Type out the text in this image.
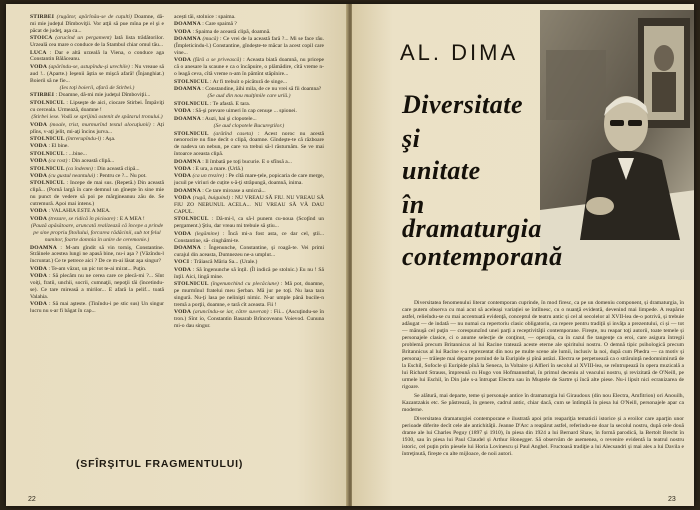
STIRBEI (rugător, apărînău-se de cuțulti) Doamne, dă-mi mie judeţul Dîmboviţii. Vor atţii să pue mîna pe el şi e păcat de judeţ, aşa ca...

STOICA (arucînd un pergament) Iată lista trădătorilor. Urzeală cea mare o conduce de la Stambul chiar omul tău...

LUCA : Dar e altă urzeală la Viena, o conduce aga Constantin Bălăceanu.

VODA (apărîndu-se, astupîndu-şi urechile) : Nu vreaue să aud !.. (Aparte.) Ieşenii ăştia se mişcă afară! (Înjanghiat.) Boierii să ne fie...

(Ies toţi boierii, afară de Stirbei.)

STIRBEI : Doamne, dă-mi mie judeţul Dîmboviţii...

STOLNICUL : Lipseşte de aici, ciocare Stirbei. Împăviţi cu cerceala. Urmează, doamne !

(Stirbei iese. Vodă se sprijină ostenit de spătarul tronului.)

VODA (moale, trist, murmurînd textul alocuţiunii) : Ați plîns, v-aţi jelit, mi-aţi încins jurva...

STOLNICUL (întrerupîndu-l) : Aşa.

VODA : El bine.

STOLNICUL : ...bine...

VODA (ca rost) : Din această clipă...

STOLNICUL (ca îndemn) : Din această clipă...

VODA (cu gustul neantului) : Pentru ce ?... Nu pot.

STOLNICUL : Incepe de mai sus. (Repetă.) Din această clipă... (Pornă largă în care demnul un gînește în sine mie nu punct de vedere să poi pe mărgineanuu zău de. Se cutremură. Apoi mai intens.)

VODA : VALAHIA ESTE A MEA.

VODA (trezare, se ridică în picioare) : E A MEA !

(Pauză apăsătoare, aruncată realizează că începe a prinde pe sine propriu fitoilului, forcarea rădăcinii, sub tot felul numitor, foarte domnia în unire de ceremonie.)

DOAMNA : M-am gîndit să vin torniș, Constantine. Strâinele acestea lungi ne apasă bine, nu-i aşa ? (Văzîndu-l încruntat.) Ce te petrece aici ? De ce m-ai lăsat aşa singur?

VODA : Te-am văzut, un pic tot te-ai mirat... Puţin.

VODA : Să plecăm nu ne cerea care ce plecă-mi ?... Sînt voiţi, fratii, unchii, socrii, cumnaţii, nepoţii tăi (încetindu-se). Ce tare mireasă a mirilor... E afară la pelif... toată Valahia.

VODA : Să mai aşteste. (Tinîndu-i pe stic sus) Un singur lucru nu s-ar fi băgat în cap...

acești tăi, stolnice : spaima.

DOAMNA : Care spaimă ?

VODA : Spaima de această clipă, doamnă.

DOAMNA (mucă) : Ce vrei de la această fară ?... Mi se face rău. (Împleticindu-l.) Constantine, gîndește-te măcar la acest copil care vine...

VODA (fără a se privească) : Aceasta biată doamnă, nu pricepe că o anesare la scaune e ca o încăpuire, o plămădire, cîtă vreme n-o leagă ceva, cîtă vreme n-am în pămînt stăpînire...

STOLNICUL : Ar fi trebuit o picătură de singe...

DOAMNA : Constandine, ăihi mila, de ce nu vrei să fii doamna?

(Se aud din nou mulţimile care urlă.)

STOLNICUL : Te afastă. E tara.

VODA : Să-şi prevare uimeri în cap cenuşe ... spionei.

DOAMNA : Auzi, hai şi clopotele...

(Se aud clopotele Bucureştilor.)

STOLNICUL (arătînd caseta) : Acest noroc nu acestă nenorocire nu fine decît o clipă, doamne. Gîndeşte-te că războare de nadeva un nebun, pe care va trebui să-l răsturnăm. Se ve mai întoarce aceasta clipă.

DOAMNA : Il îmbată pe toţi bucurie. E o sfînsă a...

VODA : E ura, a mare. (Urlă.)

VODA (ca un trezire) : Pe cîtă mare-țele, popicaria de care merge, jucuil pe viriuri de cuțite s-ă-ţi străpungă, doamnă, inima.

DOAMNA : Ce tare miroase a smicnă...

VODA (rugă, buiguind) : NU VREAU SĂ FIU. NU VREAU SĂ FIU ZO NEBUNUL ACELA... NU VREAU SĂ VĂ DAU CAPUL.

STOLNICUL : Dă-mi-l, ca să-l punem cu-noua (Scoţînd un pergament.) Ştiu, dar vreau mi trebuie să ştiu...

VODA (legămine) : Încă mi-a fost asta, ce dar cel, ştii... Constantine, să- cinghămi-te.

DOAMNA : Îngenunche, Constantine, şi roagă-te. Vei primi curajul din aceasta, Dumnezeu ne-a umplut...

VOCI : Trăiască Măria Sa... (Urale.)

VODA : Să îngenunche să înțil. (Îl indică pe stolnic.) Eu nu ! Să înţil. Aici, lingă mine.

STOLNICUL (îngenunchind cu plecăciune) : Mă pot, doamne, pe murmînul fratelui meu Şerban. Mă jur pe toţi. Nu lasa tara singură. Nu-ţi lasa pe nelinişti nimic. N-ar umple până bucile-n tremă a porţii, doamne, e tară cît aceasta. Fii !

VODA (aruncîndu-se iar, către suveran) : Fii... (Ascuţindu-se în tron.) Sînt io, Constantin Basarab Brîncoveanu Voievod. Cununa mi-o dau singur.

(SFÎRŞITUL FRAGMENTULUI)
22
AL. DIMA
Diversitate
şi
unitate
în
dramaturgia
contemporană

Diversitatea fenomenului literar contemporan cuprinde, în mod firesc, ca pe un domeniu component, și dramaturgia, în care putem observa cu mai acut să aceleași variației se întîlnesc, cu o nuanţă evidentă, devenind mai limpede. A reapărut astfel, relieîndu-se cu mai accentuată evidenţă, conceptul de teatru antic și cel al secolelor al XVII-lea de-o potrivă, și trebuie adăugat — de indată — nu numai ca repertoriu clasic obligatoriu, ca repere pentru tradiţii și invăţa a prezentului, ci și — tot — mănuşă cel puţin — corespunzînd unei parţi a receptivităţii contemporane. Firește, nu reapar toţi autorii, toate temele și personajele clasice, ci o anume selecţie de conţinut, — operaţia, ca în cazul fie tangenţe ca eroi, care asigura întregii problemă precum Britannicus al lui Racine tratează aceste eterne ale spiritului nostru. O demnă tipic psihologică precum Britannicus al lui Racine s-a reprezentat din nou pe multe scene ale lumii, inclusiv la noi, după cum Phedra — ca motiv și personaj — trăiește mai departe pornind de la Euripide și pînă astăzi. Electra se perpetuează ca o străruință nedomnimirută de la Eschil, Sofocle și Euripide pînă la Seneca, la Voltaire și Alfieri în secolul al XVIII-lea, se reîntrupează în opera muzicală a lui Richard Strauss, împreună cu Hugo von Hofmannsthal, în primul deceniu al veacului nostru, și revizitată de O'Neill, pe urmele lui Eschil, în Din jale s-a întrupat Electra sau în Muștele de Sartre și încă alte piese. Nu-i lipsit nici ecranizarea de rigoare.

Se alătură, mai departe, teme și personaje antice în dramaturgia lui Giraudoux (din nou Electra, Amfitrion) ori Anouilh, Kazantzakis etc. Se păstrează, în genere, cadrul antic, chiar dacă, cum se întîmplă în piesa lui O'Neill, personajele apar ca moderne.

Diversitatea dramaturgiei contemporane e ilustrată apoi prin reapariţia tematicii istorice și a eroilor care aparţin unor perioade diferite decît cele ale antichităţii. Jeanne D'Arc a reapărut astfel, referindu-ne doar la secolul nostru, după cele două drame ale lui Charles Peguy (1897 și 1910), în piesa din 1924 a lui Bernard Shaw, în formă parodică, la Bertolt Brecht în 1930, sau în piesa lui Paul Claudel și Arthur Honegger. Să observăm de asemenea, o revenire evidentă la teatrul nostru istoric, cel puţin prin piesele lui Horia Lovinescu și Paul Anghel. Fructoasă tradiţie a lui Alecsandri și mai ales a lui Davila e întreţinută, fireşte cu alte mijloace, de noii autori.

23
